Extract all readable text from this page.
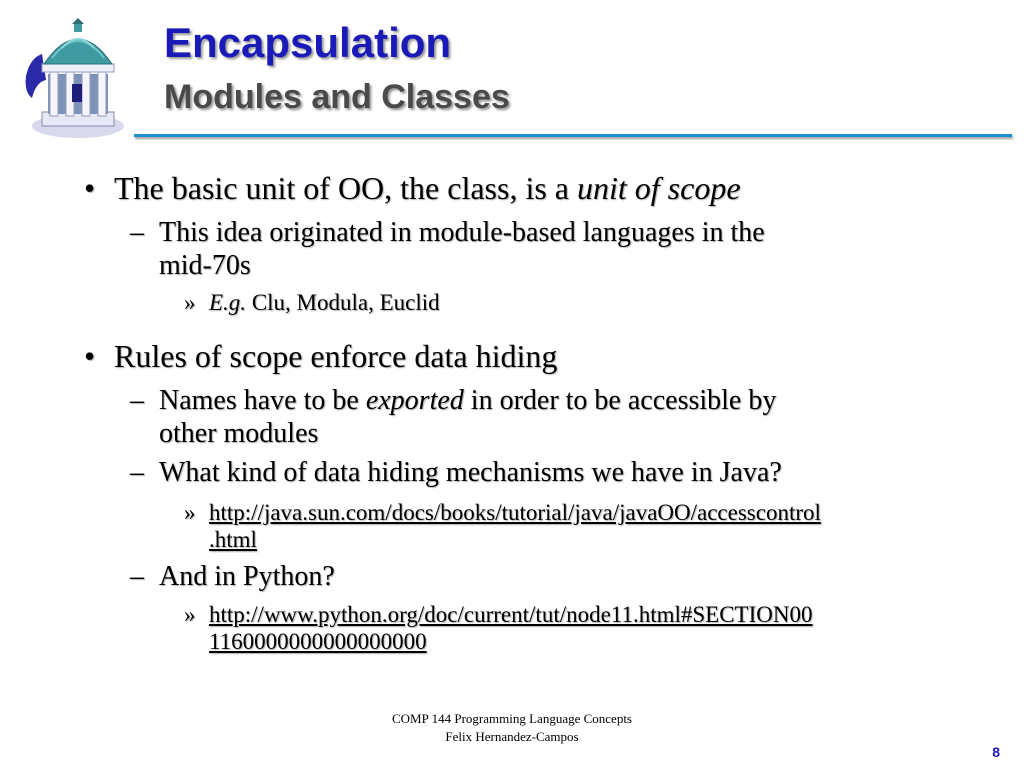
Encapsulation
Modules and Classes
• The basic unit of OO, the class, is a unit of scope
– This idea originated in module-based languages in the
mid-70s
» E.g. Clu, Modula, Euclid
• Rules of scope enforce data hiding
– Names have to be exported in order to be accessible by
other modules
– What kind of data hiding mechanisms we have in Java?
» http://java.sun.com/docs/books/tutorial/java/javaOO/accesscontrol
.html
– And in Python?
» http://www.python.org/doc/current/tut/node11.html#SECTION00
1160000000000000000
COMP 144 Programming Language Concepts
Felix Hernandez-Campos
8
